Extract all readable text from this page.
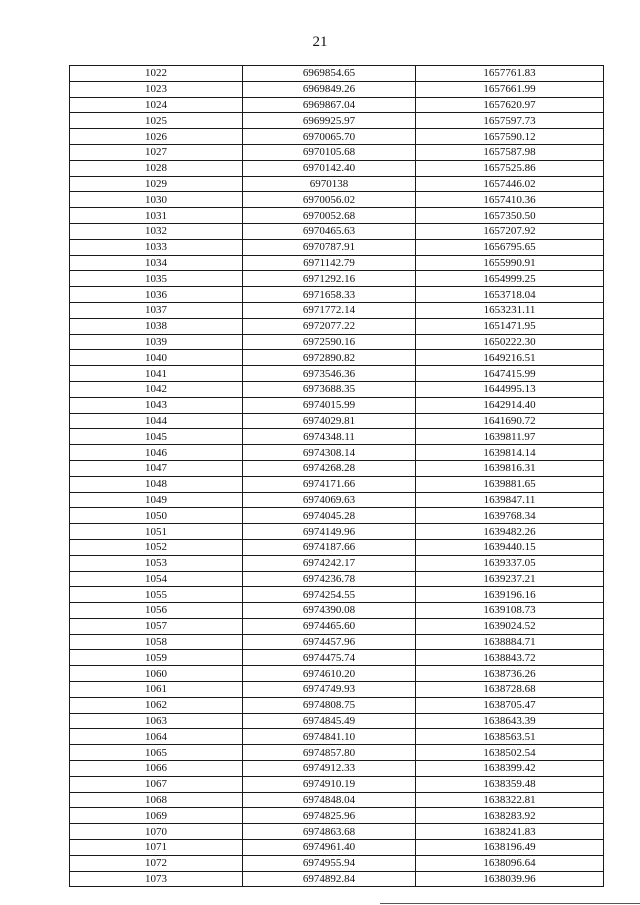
21
1022	6969854.65	1657761.83
1023	6969849.26	1657661.99
1024	6969867.04	1657620.97
1025	6969925.97	1657597.73
1026	6970065.70	1657590.12
1027	6970105.68	1657587.98
1028	6970142.40	1657525.86
1029	6970138	1657446.02
1030	6970056.02	1657410.36
1031	6970052.68	1657350.50
1032	6970465.63	1657207.92
1033	6970787.91	1656795.65
1034	6971142.79	1655990.91
1035	6971292.16	1654999.25
1036	6971658.33	1653718.04
1037	6971772.14	1653231.11
1038	6972077.22	1651471.95
1039	6972590.16	1650222.30
1040	6972890.82	1649216.51
1041	6973546.36	1647415.99
1042	6973688.35	1644995.13
1043	6974015.99	1642914.40
1044	6974029.81	1641690.72
1045	6974348.11	1639811.97
1046	6974308.14	1639814.14
1047	6974268.28	1639816.31
1048	6974171.66	1639881.65
1049	6974069.63	1639847.11
1050	6974045.28	1639768.34
1051	6974149.96	1639482.26
1052	6974187.66	1639440.15
1053	6974242.17	1639337.05
1054	6974236.78	1639237.21
1055	6974254.55	1639196.16
1056	6974390.08	1639108.73
1057	6974465.60	1639024.52
1058	6974457.96	1638884.71
1059	6974475.74	1638843.72
1060	6974610.20	1638736.26
1061	6974749.93	1638728.68
1062	6974808.75	1638705.47
1063	6974845.49	1638643.39
1064	6974841.10	1638563.51
1065	6974857.80	1638502.54
1066	6974912.33	1638399.42
1067	6974910.19	1638359.48
1068	6974848.04	1638322.81
1069	6974825.96	1638283.92
1070	6974863.68	1638241.83
1071	6974961.40	1638196.49
1072	6974955.94	1638096.64
1073	6974892.84	1638039.96
